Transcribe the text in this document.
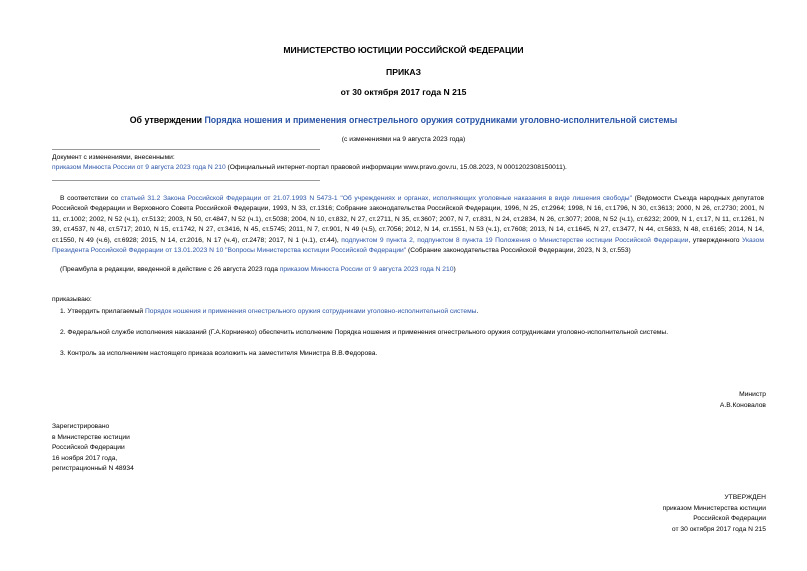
МИНИСТЕРСТВО ЮСТИЦИИ РОССИЙСКОЙ ФЕДЕРАЦИИ
ПРИКАЗ
от 30 октября 2017 года N 215
Об утверждении Порядка ношения и применения огнестрельного оружия сотрудниками уголовно-исполнительной системы
(с изменениями на 9 августа 2023 года)
Документ с изменениями, внесенными:
приказом Минюста России от 9 августа 2023 года N 210 (Официальный интернет-портал правовой информации www.pravo.gov.ru, 15.08.2023, N 0001202308150011).
В соответствии со статьей 31.2 Закона Российской Федерации от 21.07.1993 N 5473-1 "Об учреждениях и органах, исполняющих уголовные наказания в виде лишения свободы" (Ведомости Съезда народных депутатов Российской Федерации и Верховного Совета Российской Федерации, 1993, N 33, ст.1316; Собрание законодательства Российской Федерации, 1996, N 25, ст.2964; 1998, N 16, ст.1796, N 30, ст.3613; 2000, N 26, ст.2730; 2001, N 11, ст.1002; 2002, N 52 (ч.1), ст.5132; 2003, N 50, ст.4847, N 52 (ч.1), ст.5038; 2004, N 10, ст.832, N 27, ст.2711, N 35, ст.3607; 2007, N 7, ст.831, N 24, ст.2834, N 26, ст.3077; 2008, N 52 (ч.1), ст.6232; 2009, N 1, ст.17, N 11, ст.1261, N 39, ст.4537, N 48, ст.5717; 2010, N 15, ст.1742, N 27, ст.3416, N 45, ст.5745; 2011, N 7, ст.901, N 49 (ч.5), ст.7056; 2012, N 14, ст.1551, N 53 (ч.1), ст.7608; 2013, N 14, ст.1645, N 27, ст.3477, N 44, ст.5633, N 48, ст.6165; 2014, N 14, ст.1550, N 49 (ч.6), ст.6928; 2015, N 14, ст.2016, N 17 (ч.4), ст.2478; 2017, N 1 (ч.1), ст.44), подпунктом 9 пункта 2, подпунктом 8 пункта 19 Положения о Министерстве юстиции Российской Федерации, утвержденного Указом Президента Российской Федерации от 13.01.2023 N 10 "Вопросы Министерства юстиции Российской Федерации" (Собрание законодательства Российской Федерации, 2023, N 3, ст.553)
(Преамбула в редакции, введенной в действие с 26 августа 2023 года приказом Минюста России от 9 августа 2023 года N 210)
приказываю:
1. Утвердить прилагаемый Порядок ношения и применения огнестрельного оружия сотрудниками уголовно-исполнительной системы.
2. Федеральной службе исполнения наказаний (Г.А.Корниенко) обеспечить исполнение Порядка ношения и применения огнестрельного оружия сотрудниками уголовно-исполнительной системы.
3. Контроль за исполнением настоящего приказа возложить на заместителя Министра В.В.Федорова.
Министр
А.В.Коновалов
Зарегистрировано
в Министерстве юстиции
Российской Федерации
16 ноября 2017 года,
регистрационный N 48934
УТВЕРЖДЕН
приказом Министерства юстиции
Российской Федерации
от 30 октября 2017 года N 215
